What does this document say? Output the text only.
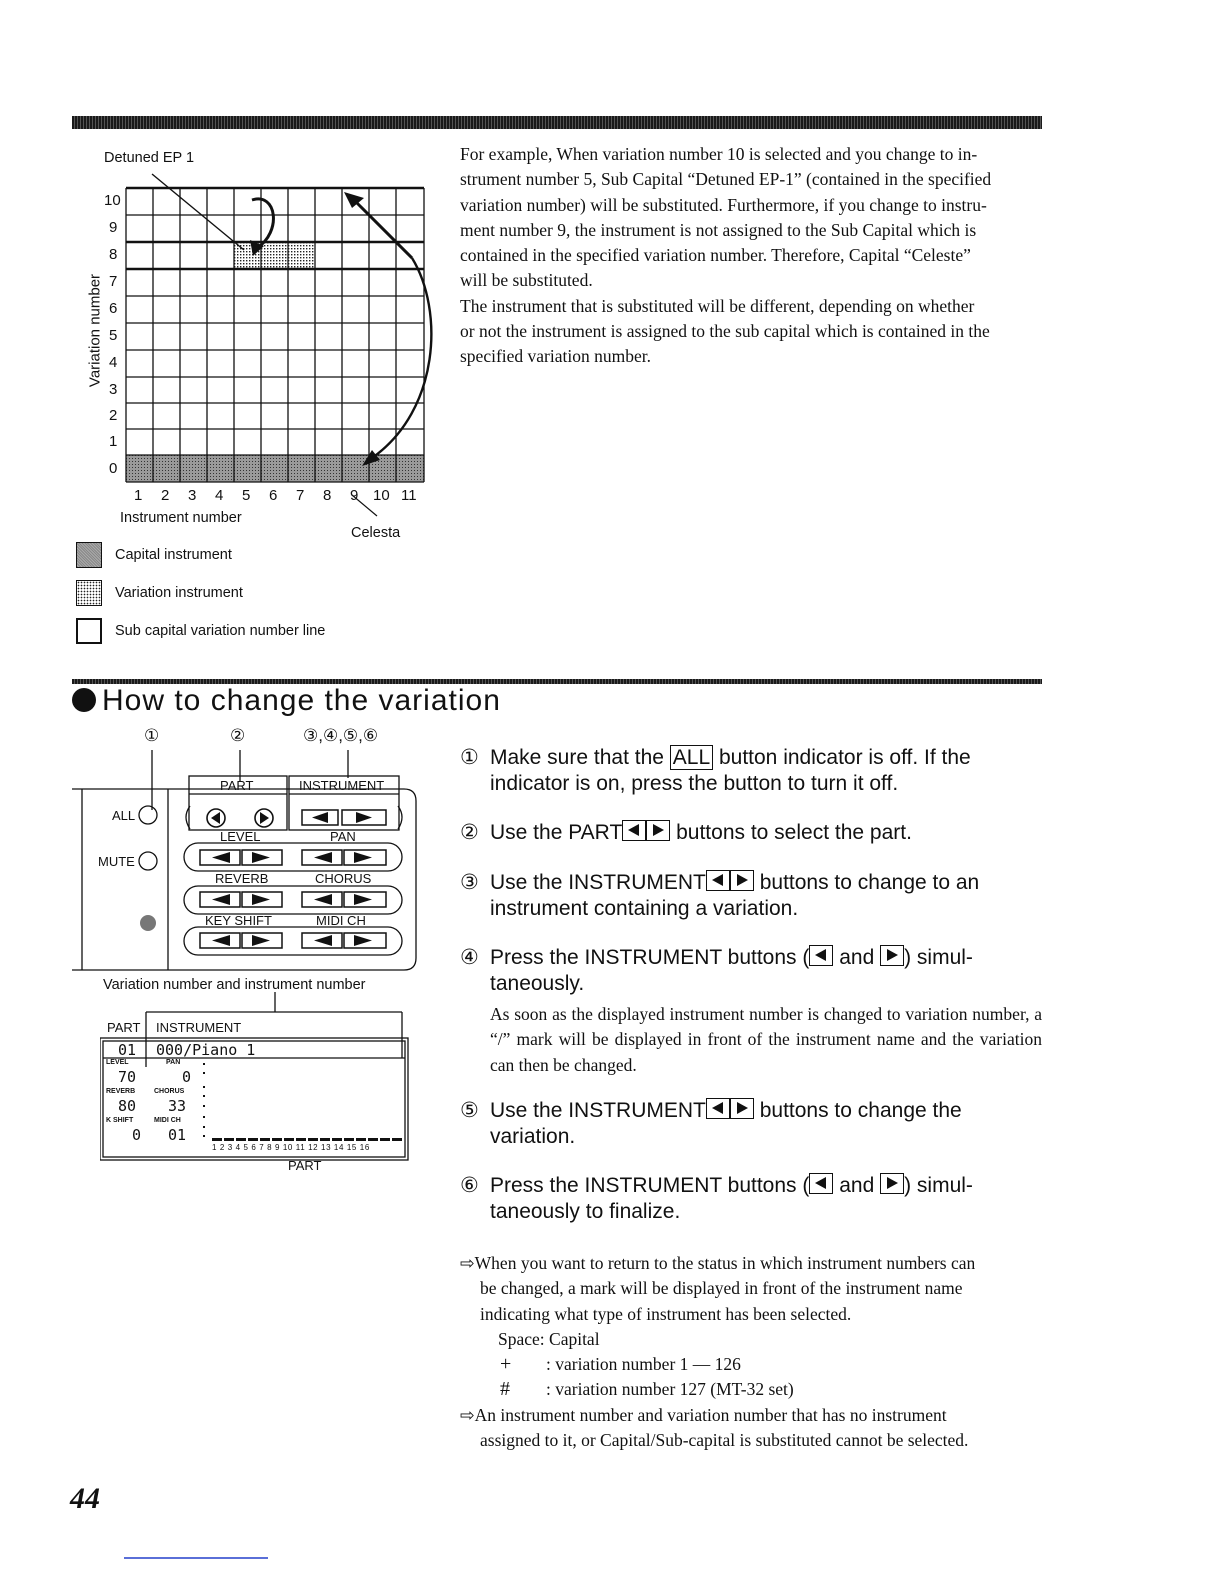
Detuned EP 1
Variation number
10
9
8
7
6
5
4
3
2
1
0
1 2 3 4 5 6 7 8 9 10 11
Instrument number
Celesta
Capital instrument
Variation instrument
Sub capital variation number line

For example, When variation number 10 is selected and you change to in-

strument number 5, Sub Capital “Detuned EP-1” (contained in the specified

variation number) will be substituted. Furthermore, if you change to instru-

ment number 9, the instrument is not assigned to the Sub Capital which is

contained in the specified variation number. Therefore, Capital “Celeste”

will be substituted.

The instrument that is substituted will be different, depending on whether

or not the instrument is assigned to the sub capital which is contained in the

specified variation number.

How to change the variation
①	②	③,④,⑤,⑥
ALL
MUTE
PART	INSTRUMENT
LEVEL	PAN
REVERB	CHORUS
KEY SHIFT	MIDI CH
Variation number and instrument number
PART INSTRUMENT
01 000/Piano 1
LEVEL	PAN
70	0
REVERB	CHORUS
80 33
K SHIFT	MIDI CH
0 01
1 2 3 4 5 6 7 8 9 10 11 12 13 14 15 16
PART
① Make sure that the ALL button indicator is off. If the
indicator is on, press the button to turn it off.
② Use the PART buttons to select the part.
③ Use the INSTRUMENT buttons to change to an
instrument containing a variation.
④ Press the INSTRUMENT buttons ( and ) simul-
taneously.
As soon as the displayed instrument number is changed to variation number, a “/” mark will be displayed in front of the instrument name and the variation can then be changed.
⑤ Use the INSTRUMENT buttons to change the
variation.
⑥ Press the INSTRUMENT buttons ( and ) simul-
taneously to finalize.

⇨When you want to return to the status in which instrument numbers can

be changed, a mark will be displayed in front of the instrument name

indicating what type of instrument has been selected.

Space: Capital

+ : variation number 1 — 126

# : variation number 127 (MT-32 set)

⇨An instrument number and variation number that has no instrument

assigned to it, or Capital/Sub-capital is substituted cannot be selected.

44
